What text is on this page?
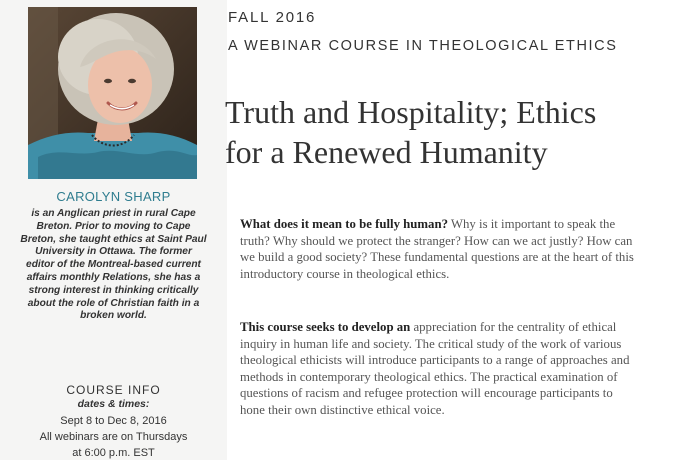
CAROLYN SHARP

is an Anglican priest in rural Cape Breton. Prior to moving to Cape Breton, she taught ethics at Saint Paul University in Ottawa. The former editor of the Montreal-based current affairs monthly Relations, she has a strong interest in thinking critically about the role of Christian faith in a broken world.

COURSE INFO
dates & times:
Sept 8 to Dec 8, 2016
All webinars are on Thursdays
at 6:00 p.m. EST
FALL 2016
A WEBINAR COURSE IN THEOLOGICAL ETHICS
Truth and Hospitality; Ethics
for a Renewed Humanity

What does it mean to be fully human? Why is it important to speak the truth? Why should we protect the stranger? How can we act justly? How can we build a good society? These fundamental questions are at the heart of this introductory course in theological ethics.

This course seeks to develop an appreciation for the centrality of ethical inquiry in human life and society. The critical study of the work of various theological ethicists will introduce participants to a range of approaches and methods in contemporary theological ethics. The practical examination of questions of racism and refugee protection will encourage participants to hone their own distinctive ethical voice.
